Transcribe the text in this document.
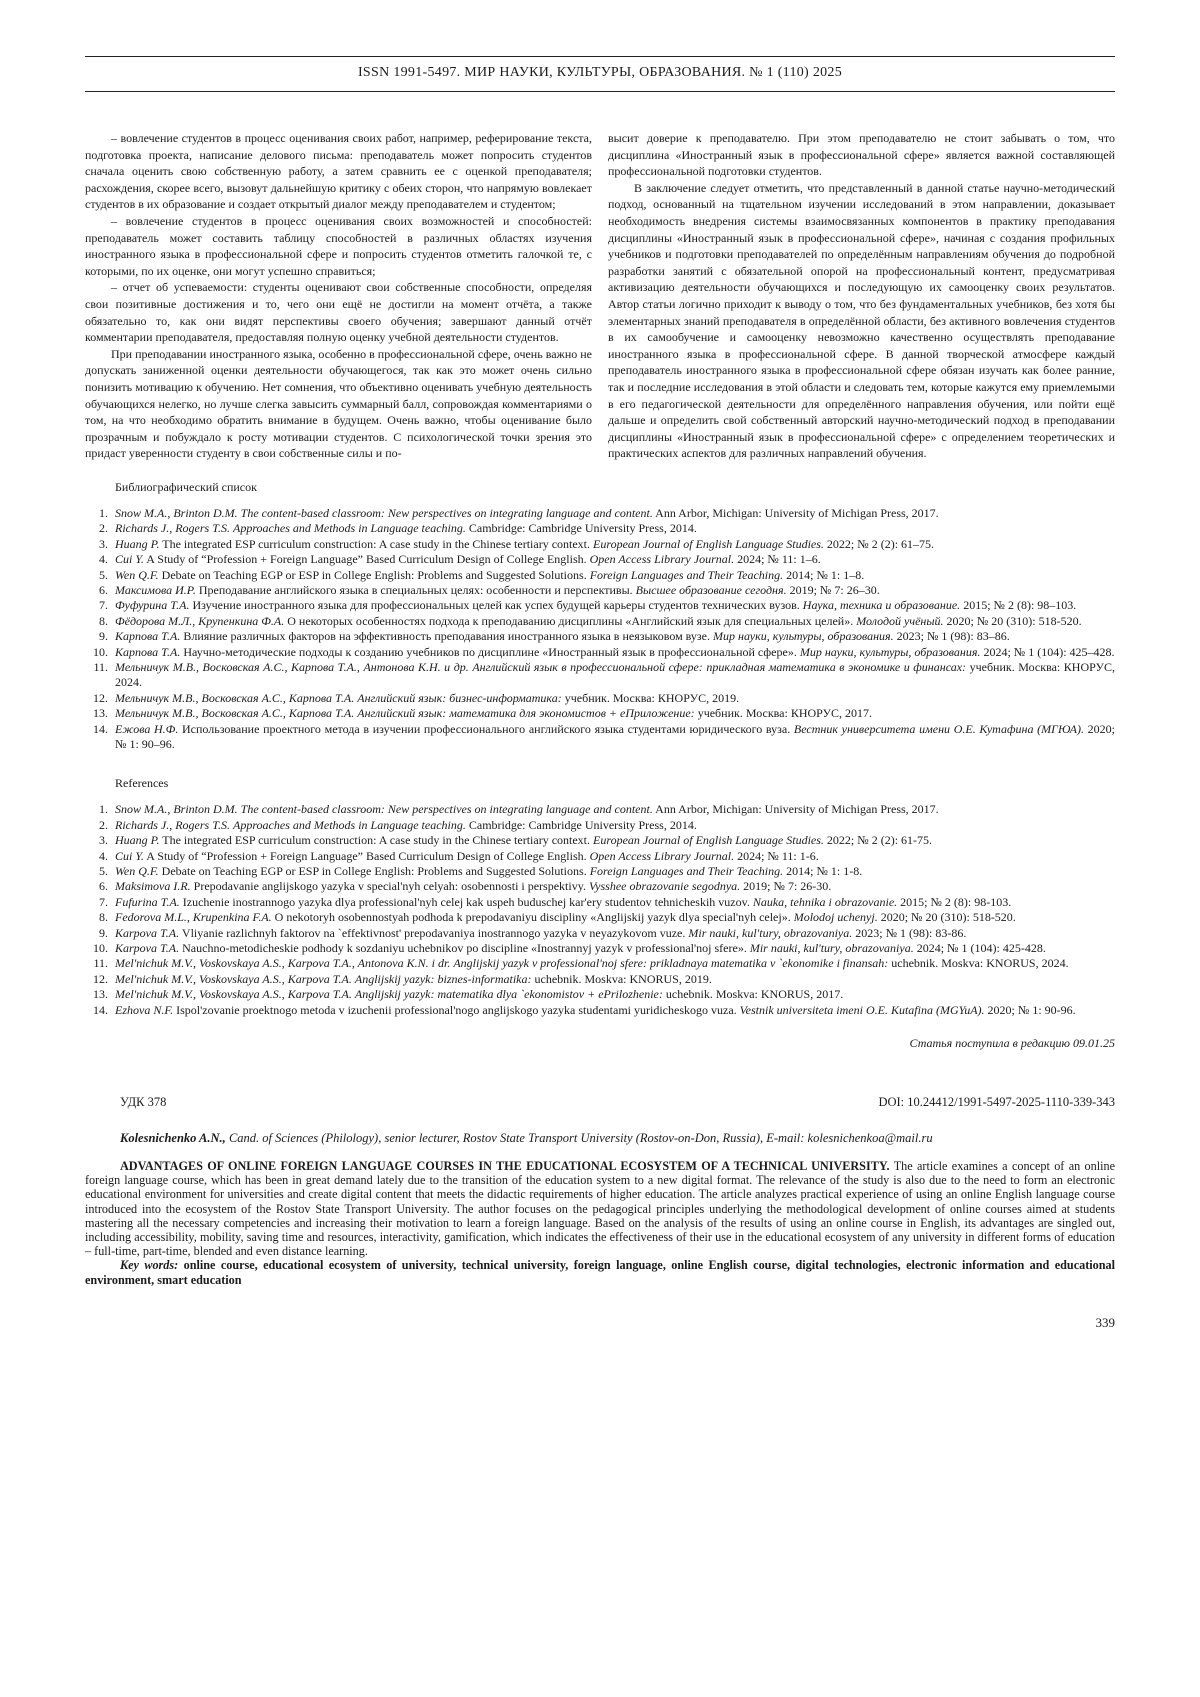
ISSN 1991-5497. МИР НАУКИ, КУЛЬТУРЫ, ОБРАЗОВАНИЯ. № 1 (110) 2025

– вовлечение студентов в процесс оценивания своих работ, например, реферирование текста, подготовка проекта, написание делового письма: преподаватель может попросить студентов сначала оценить свою собственную работу, а затем сравнить ее с оценкой преподавателя; расхождения, скорее всего, вызовут дальнейшую критику с обеих сторон, что напрямую вовлекает студентов в их образование и создает открытый диалог между преподавателем и студентом;

– вовлечение студентов в процесс оценивания своих возможностей и способностей: преподаватель может составить таблицу способностей в различных областях изучения иностранного языка в профессиональной сфере и попросить студентов отметить галочкой те, с которыми, по их оценке, они могут успешно справиться;

– отчет об успеваемости: студенты оценивают свои собственные способности, определяя свои позитивные достижения и то, чего они ещё не достигли на момент отчёта, а также обязательно то, как они видят перспективы своего обучения; завершают данный отчёт комментарии преподавателя, предоставляя полную оценку учебной деятельности студентов.

При преподавании иностранного языка, особенно в профессиональной сфере, очень важно не допускать заниженной оценки деятельности обучающегося, так как это может очень сильно понизить мотивацию к обучению. Нет сомнения, что объективно оценивать учебную деятельность обучающихся нелегко, но лучше слегка завысить суммарный балл, сопровождая комментариями о том, на что необходимо обратить внимание в будущем. Очень важно, чтобы оценивание было прозрачным и побуждало к росту мотивации студентов. С психологической точки зрения это придаст уверенности студенту в свои собственные силы и по-

высит доверие к преподавателю. При этом преподавателю не стоит забывать о том, что дисциплина «Иностранный язык в профессиональной сфере» является важной составляющей профессиональной подготовки студентов.

В заключение следует отметить, что представленный в данной статье научно-методический подход, основанный на тщательном изучении исследований в этом направлении, доказывает необходимость внедрения системы взаимосвязанных компонентов в практику преподавания дисциплины «Иностранный язык в профессиональной сфере», начиная с создания профильных учебников и подготовки преподавателей по определённым направлениям обучения до подробной разработки занятий с обязательной опорой на профессиональный контент, предусматривая активизацию деятельности обучающихся и последующую их самооценку своих результатов. Автор статьи логично приходит к выводу о том, что без фундаментальных учебников, без хотя бы элементарных знаний преподавателя в определённой области, без активного вовлечения студентов в их самообучение и самооценку невозможно качественно осуществлять преподавание иностранного языка в профессиональной сфере. В данной творческой атмосфере каждый преподаватель иностранного языка в профессиональной сфере обязан изучать как более ранние, так и последние исследования в этой области и следовать тем, которые кажутся ему приемлемыми в его педагогической деятельности для определённого направления обучения, или пойти ещё дальше и определить свой собственный авторский научно-методический подход в преподавании дисциплины «Иностранный язык в профессиональной сфере» с определением теоретических и практических аспектов для различных направлений обучения.

Библиографический список
1. Snow M.A., Brinton D.M. The content-based classroom: New perspectives on integrating language and content. Ann Arbor, Michigan: University of Michigan Press, 2017.
2. Richards J., Rogers T.S. Approaches and Methods in Language teaching. Cambridge: Cambridge University Press, 2014.
3. Huang P. The integrated ESP curriculum construction: A case study in the Chinese tertiary context. European Journal of English Language Studies. 2022; № 2 (2): 61–75.
4. Cui Y. A Study of “Profession + Foreign Language” Based Curriculum Design of College English. Open Access Library Journal. 2024; № 11: 1–6.
5. Wen Q.F. Debate on Teaching EGP or ESP in College English: Problems and Suggested Solutions. Foreign Languages and Their Teaching. 2014; № 1: 1–8.
6. Максимова И.Р. Преподавание английского языка в специальных целях: особенности и перспективы. Высшее образование сегодня. 2019; № 7: 26–30.
7. Фуфурина Т.А. Изучение иностранного языка для профессиональных целей как успех будущей карьеры студентов технических вузов. Наука, техника и образование. 2015; № 2 (8): 98–103.
8. Фёдорова М.Л., Крупенкина Ф.А. О некоторых особенностях подхода к преподаванию дисциплины «Английский язык для специальных целей». Молодой учёный. 2020; № 20 (310): 518-520.
9. Карпова Т.А. Влияние различных факторов на эффективность преподавания иностранного языка в неязыковом вузе. Мир науки, культуры, образования. 2023; № 1 (98): 83–86.
10. Карпова Т.А. Научно-методические подходы к созданию учебников по дисциплине «Иностранный язык в профессиональной сфере». Мир науки, культуры, образования. 2024; № 1 (104): 425–428.
11. Мельничук М.В., Восковская А.С., Карпова Т.А., Антонова К.Н. и др. Английский язык в профессиональной сфере: прикладная математика в экономике и финансах: учебник. Москва: КНОРУС, 2024.
12. Мельничук М.В., Восковская А.С., Карпова Т.А. Английский язык: бизнес-информатика: учебник. Москва: КНОРУС, 2019.
13. Мельничук М.В., Восковская А.С., Карпова Т.А. Английский язык: математика для экономистов + еПриложение: учебник. Москва: КНОРУС, 2017.
14. Ежова Н.Ф. Использование проектного метода в изучении профессионального английского языка студентами юридического вуза. Вестник университета имени О.Е. Кутафина (МГЮА). 2020; № 1: 90–96.
References
1. Snow M.A., Brinton D.M. The content-based classroom: New perspectives on integrating language and content. Ann Arbor, Michigan: University of Michigan Press, 2017.
2. Richards J., Rogers T.S. Approaches and Methods in Language teaching. Cambridge: Cambridge University Press, 2014.
3. Huang P. The integrated ESP curriculum construction: A case study in the Chinese tertiary context. European Journal of English Language Studies. 2022; № 2 (2): 61-75.
4. Cui Y. A Study of “Profession + Foreign Language” Based Curriculum Design of College English. Open Access Library Journal. 2024; № 11: 1-6.
5. Wen Q.F. Debate on Teaching EGP or ESP in College English: Problems and Suggested Solutions. Foreign Languages and Their Teaching. 2014; № 1: 1-8.
6. Maksimova I.R. Prepodavanie anglijskogo yazyka v special'nyh celyah: osobennosti i perspektivy. Vysshee obrazovanie segodnya. 2019; № 7: 26-30.
7. Fufurina T.A. Izuchenie inostrannogo yazyka dlya professional'nyh celej kak uspeh buduschej kar'ery studentov tehnicheskih vuzov. Nauka, tehnika i obrazovanie. 2015; № 2 (8): 98-103.
8. Fedorova M.L., Krupenkina F.A. O nekotoryh osobennostyah podhoda k prepodavaniyu discipliny «Anglijskij yazyk dlya special'nyh celej». Molodoj uchenyj. 2020; № 20 (310): 518-520.
9. Karpova T.A. Vliyanie razlichnyh faktorov na `effektivnost' prepodavaniya inostrannogo yazyka v neyazykovom vuze. Mir nauki, kul'tury, obrazovaniya. 2023; № 1 (98): 83-86.
10. Karpova T.A. Nauchno-metodicheskie podhody k sozdaniyu uchebnikov po discipline «Inostrannyj yazyk v professional'noj sfere». Mir nauki, kul'tury, obrazovaniya. 2024; № 1 (104): 425-428.
11. Mel'nichuk M.V., Voskovskaya A.S., Karpova T.A., Antonova K.N. i dr. Anglijskij yazyk v professional'noj sfere: prikladnaya matematika v `ekonomike i finansah: uchebnik. Moskva: KNORUS, 2024.
12. Mel'nichuk M.V., Voskovskaya A.S., Karpova T.A. Anglijskij yazyk: biznes-informatika: uchebnik. Moskva: KNORUS, 2019.
13. Mel'nichuk M.V., Voskovskaya A.S., Karpova T.A. Anglijskij yazyk: matematika dlya `ekonomistov + ePrilozhenie: uchebnik. Moskva: KNORUS, 2017.
14. Ezhova N.F. Ispol'zovanie proektnogo metoda v izuchenii professional'nogo anglijskogo yazyka studentami yuridicheskogo vuza. Vestnik universiteta imeni O.E. Kutafina (MGYuA). 2020; № 1: 90-96.
Статья поступила в редакцию 09.01.25
УДК 378	DOI: 10.24412/1991-5497-2025-1110-339-343

Kolesnichenko A.N., Cand. of Sciences (Philology), senior lecturer, Rostov State Transport University (Rostov-on-Don, Russia), E-mail: kolesnichenkoa@mail.ru

ADVANTAGES OF ONLINE FOREIGN LANGUAGE COURSES IN THE EDUCATIONAL ECOSYSTEM OF A TECHNICAL UNIVERSITY. The article examines a concept of an online foreign language course, which has been in great demand lately due to the transition of the education system to a new digital format. The relevance of the study is also due to the need to form an electronic educational environment for universities and create digital content that meets the didactic requirements of higher education. The article analyzes practical experience of using an online English language course introduced into the ecosystem of the Rostov State Transport University. The author focuses on the pedagogical principles underlying the methodological development of online courses aimed at students mastering all the necessary competencies and increasing their motivation to learn a foreign language. Based on the analysis of the results of using an online course in English, its advantages are singled out, including accessibility, mobility, saving time and resources, interactivity, gamification, which indicates the effectiveness of their use in the educational ecosystem of any university in different forms of education – full-time, part-time, blended and even distance learning.

Key words: online course, educational ecosystem of university, technical university, foreign language, online English course, digital technologies, electronic information and educational environment, smart education

339
